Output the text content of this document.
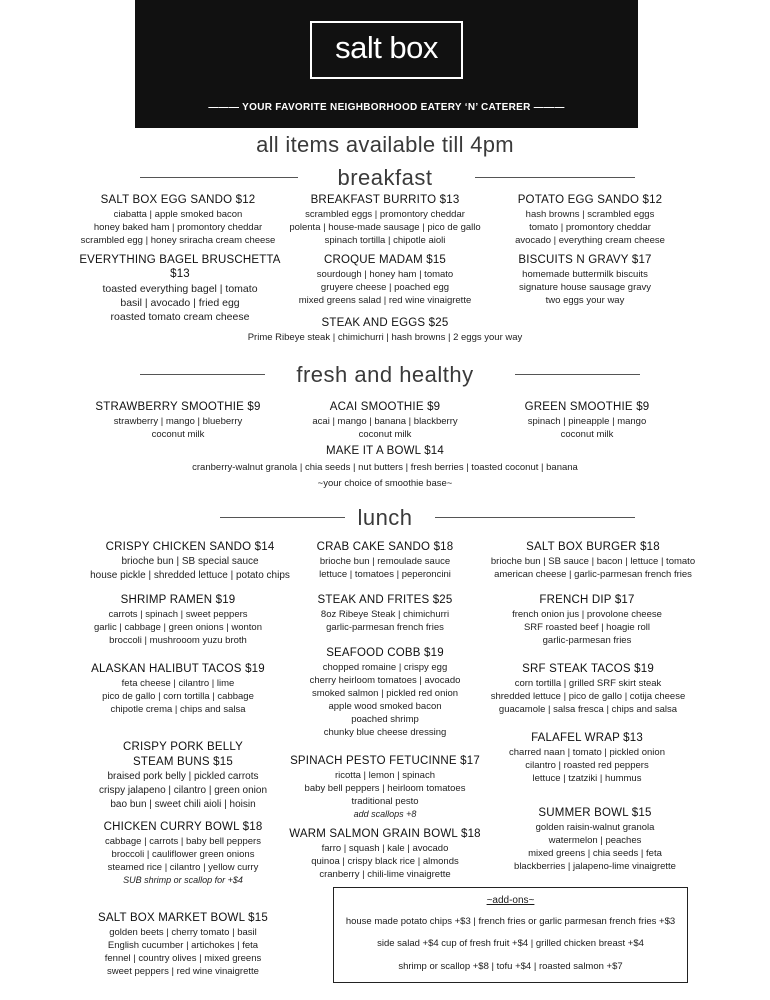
salt box
——— YOUR FAVORITE NEIGHBORHOOD EATERY ‘N’ CATERER ———
all items available till 4pm
breakfast
SALT BOX EGG SANDO $12
ciabatta | apple smoked bacon
honey baked ham | promontory cheddar
scrambled egg | honey sriracha cream cheese
BREAKFAST BURRITO $13
scrambled eggs | promontory cheddar
polenta | house-made sausage | pico de gallo
spinach tortilla | chipotle aioli
POTATO EGG SANDO $12
hash browns | scrambled eggs
tomato | promontory cheddar
avocado | everything cream cheese
EVERYTHING BAGEL BRUSCHETTA $13
toasted everything bagel | tomato
basil | avocado | fried egg
roasted tomato cream cheese
CROQUE MADAM $15
sourdough | honey ham | tomato
gruyere cheese | poached egg
mixed greens salad | red wine vinaigrette
BISCUITS N GRAVY $17
homemade buttermilk biscuits
signature house sausage gravy
two eggs your way
STEAK AND EGGS $25
Prime Ribeye steak | chimichurri | hash browns | 2 eggs your way
fresh and healthy
STRAWBERRY SMOOTHIE $9
strawberry | mango | blueberry
coconut milk
ACAI SMOOTHIE $9
acai | mango | banana | blackberry
coconut milk
GREEN SMOOTHIE $9
spinach | pineapple | mango
coconut milk
MAKE IT A BOWL $14
cranberry-walnut granola | chia seeds | nut butters | fresh berries | toasted coconut | banana
~your choice of smoothie base~
lunch
CRISPY CHICKEN SANDO $14
brioche bun | SB special sauce
house pickle | shredded lettuce | potato chips
SHRIMP RAMEN $19
carrots | spinach | sweet peppers
garlic | cabbage | green onions | wonton
broccoli | mushrooom yuzu broth
ALASKAN HALIBUT TACOS $19
feta cheese | cilantro | lime
pico de gallo | corn tortilla | cabbage
chipotle crema | chips and salsa
CRISPY PORK BELLY
STEAM BUNS $15
braised pork belly | pickled carrots
crispy jalapeno | cilantro | green onion
bao bun | sweet chili aioli | hoisin
CHICKEN CURRY BOWL $18
cabbage | carrots | baby bell peppers
broccoli | cauliflower green onions
steamed rice | cilantro | yellow curry
SUB shrimp or scallop for +$4
SALT BOX MARKET BOWL $15
golden beets | cherry tomato | basil
English cucumber | artichokes | feta
fennel | country olives | mixed greens
sweet peppers | red wine vinaigrette
CRAB CAKE SANDO $18
brioche bun | remoulade sauce
lettuce | tomatoes | peperoncini
STEAK AND FRITES $25
8oz Ribeye Steak | chimichurri
garlic-parmesan french fries
SEAFOOD COBB $19
chopped romaine | crispy egg
cherry heirloom tomatoes | avocado
smoked salmon | pickled red onion
apple wood smoked bacon
poached shrimp
chunky blue cheese dressing
SPINACH PESTO FETUCINNE $17
ricotta | lemon | spinach
baby bell peppers | heirloom tomatoes
traditional pesto
add scallops +8
WARM SALMON GRAIN BOWL $18
farro | squash | kale | avocado
quinoa | crispy black rice | almonds
cranberry | chili-lime vinaigrette
SALT BOX BURGER $18
brioche bun | SB sauce | bacon | lettuce | tomato
american cheese | garlic-parmesan french fries
FRENCH DIP $17
french onion jus | provolone cheese
SRF roasted beef | hoagie roll
garlic-parmesan fries
SRF STEAK TACOS $19
corn tortilla | grilled SRF skirt steak
shredded lettuce | pico de gallo | cotija cheese
guacamole | salsa fresca | chips and salsa
FALAFEL WRAP $13
charred naan | tomato | pickled onion
cilantro | roasted red peppers
lettuce | tzatziki | hummus
SUMMER BOWL $15
golden raisin-walnut granola
watermelon | peaches
mixed greens | chia seeds | feta
blackberries | jalapeno-lime vinaigrette
~add-ons~
house made potato chips +$3 | french fries or garlic parmesan french fries +$3
side salad +$4 cup of fresh fruit +$4 | grilled chicken breast +$4
shrimp or scallop +$8 | tofu +$4 | roasted salmon +$7
